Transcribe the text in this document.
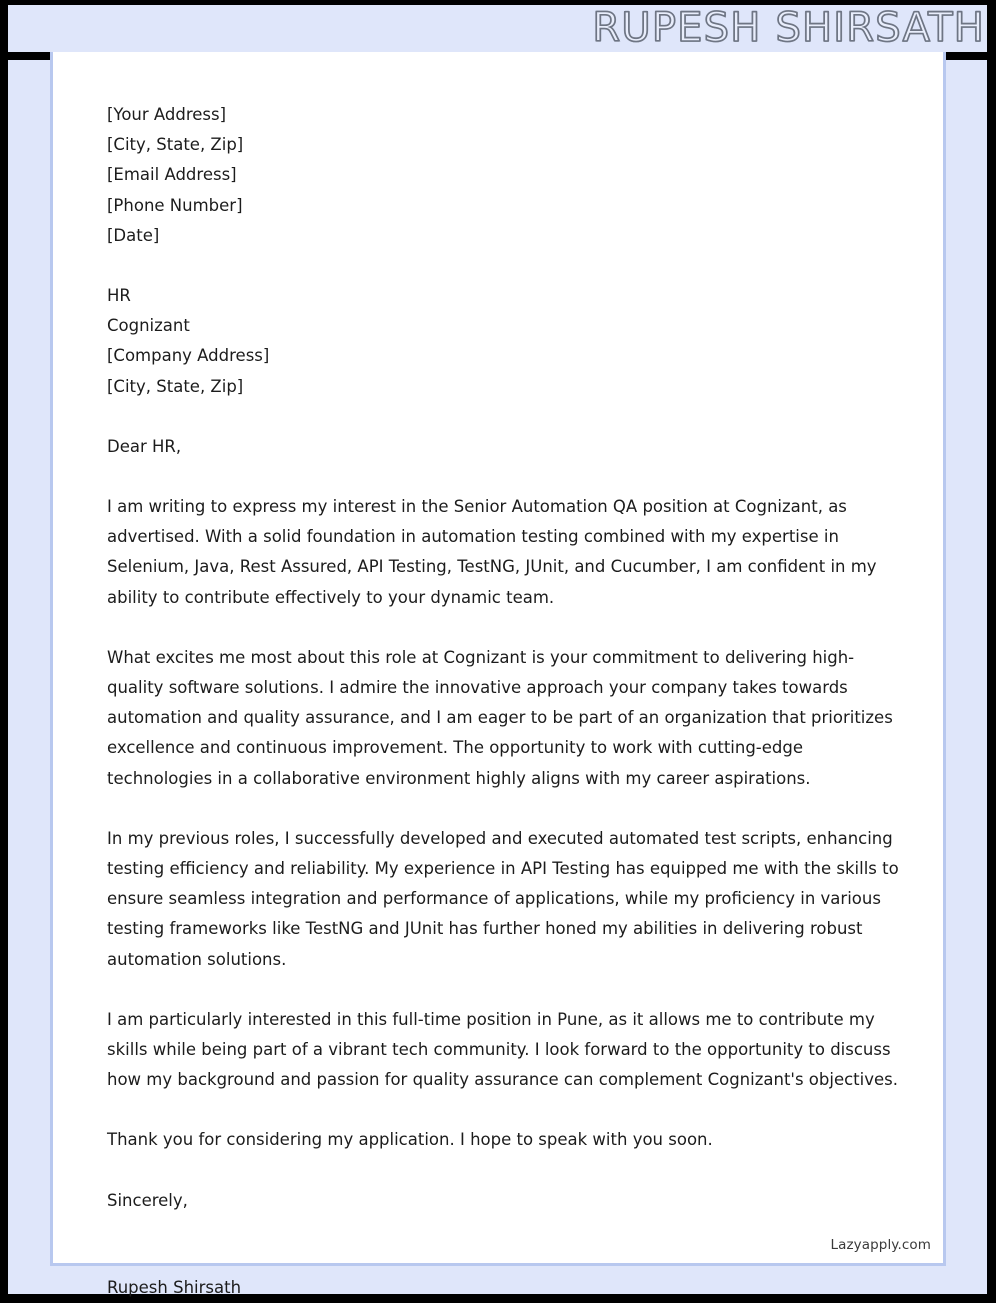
RUPESH SHIRSATH

[Your Address]

[City, State, Zip]

[Email Address]

[Phone Number]

[Date]

HR

Cognizant

[Company Address]

[City, State, Zip]

Dear HR,

I am writing to express my interest in the Senior Automation QA position at Cognizant, as advertised. With a solid foundation in automation testing combined with my expertise in Selenium, Java, Rest Assured, API Testing, TestNG, JUnit, and Cucumber, I am confident in my ability to contribute effectively to your dynamic team.

What excites me most about this role at Cognizant is your commitment to delivering high-quality software solutions. I admire the innovative approach your company takes towards automation and quality assurance, and I am eager to be part of an organization that prioritizes excellence and continuous improvement. The opportunity to work with cutting-edge technologies in a collaborative environment highly aligns with my career aspirations.

In my previous roles, I successfully developed and executed automated test scripts, enhancing testing efficiency and reliability. My experience in API Testing has equipped me with the skills to ensure seamless integration and performance of applications, while my proficiency in various testing frameworks like TestNG and JUnit has further honed my abilities in delivering robust automation solutions.

I am particularly interested in this full-time position in Pune, as it allows me to contribute my skills while being part of a vibrant tech community. I look forward to the opportunity to discuss how my background and passion for quality assurance can complement Cognizant's objectives.

Thank you for considering my application. I hope to speak with you soon.

Sincerely,

Lazyapply.com
Rupesh Shirsath
